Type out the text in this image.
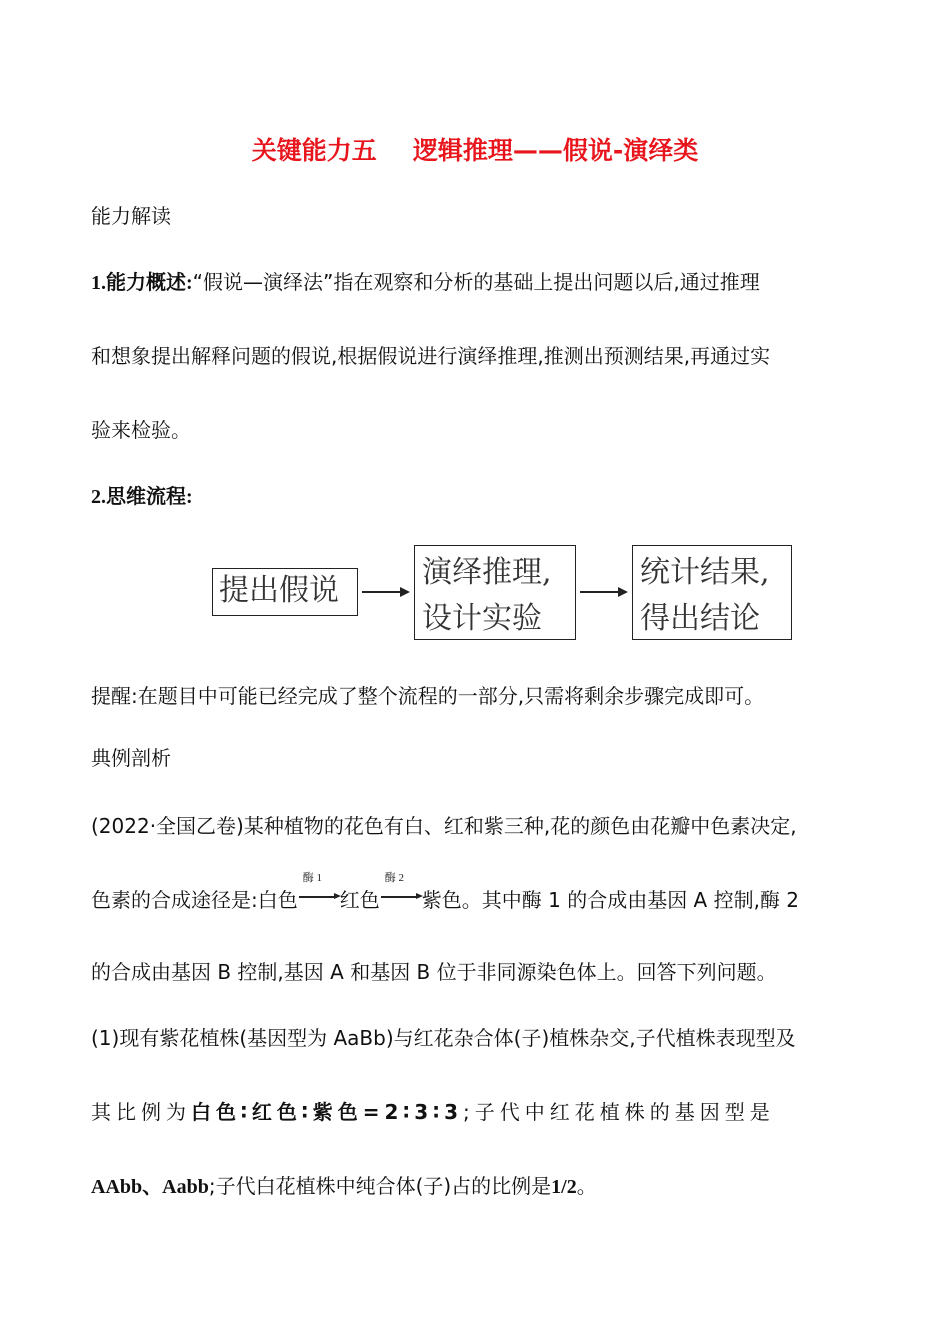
关键能力五 逻辑推理——假说-演绎类
能力解读
1.能力概述:“假说—演绎法”指在观察和分析的基础上提出问题以后,通过推理
和想象提出解释问题的假说,根据假说进行演绎推理,推测出预测结果,再通过实
验来检验。
2.思维流程:
提出假说
演绎推理,
设计实验
统计结果,
得出结论
提醒:在题目中可能已经完成了整个流程的一部分,只需将剩余步骤完成即可。
典例剖析
(2022·全国乙卷)某种植物的花色有白、红和紫三种,花的颜色由花瓣中色素决定,
色素的合成途径是:白色
酶 1
红色
酶 2
紫色。其中酶 1 的合成由基因 A 控制,酶 2
的合成由基因 B 控制,基因 A 和基因 B 位于非同源染色体上。回答下列问题。
(1)现有紫花植株(基因型为 AaBb)与红花杂合体(子)植株杂交,子代植株表现型及
其比例为白色∶红色∶紫色=2∶3∶3;子代中红花植株的基因型是
AAbb、Aabb;子代白花植株中纯合体(子)占的比例是1/2。
